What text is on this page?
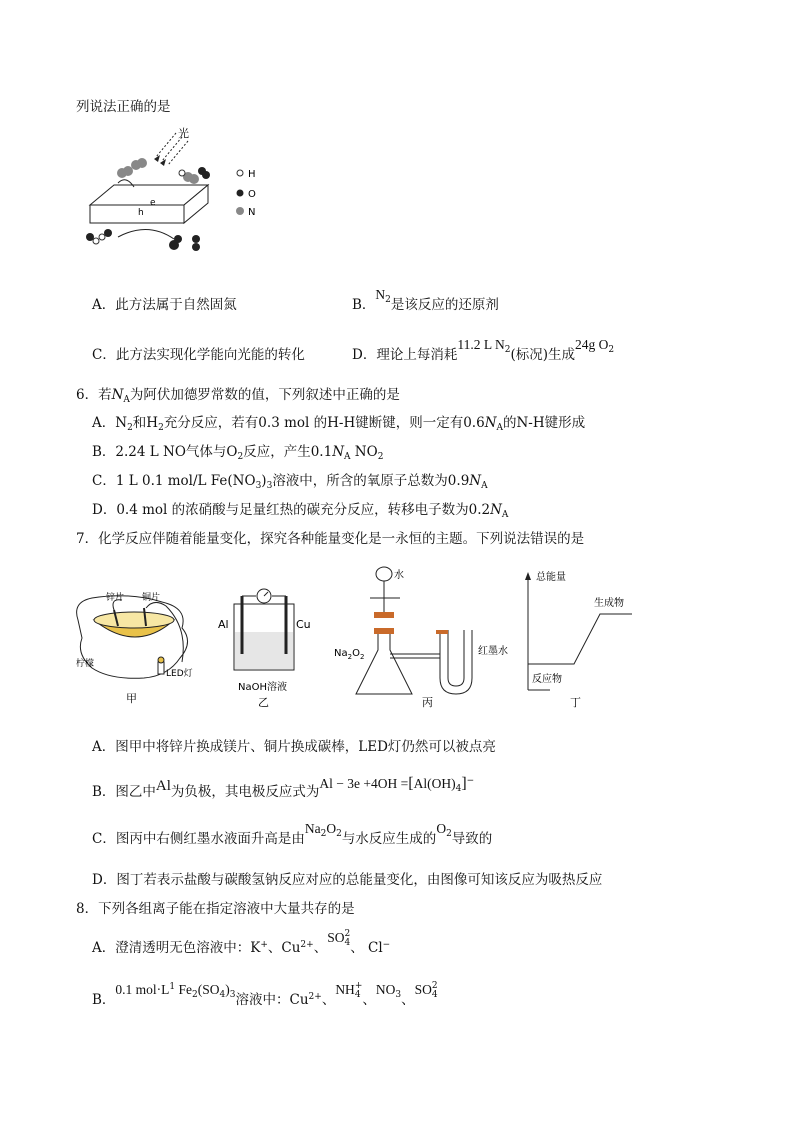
列说法正确的是
光
h
e
H
O
N
A．此方法属于自然固氮	B．$N^2$是该反应的还原剂
C．此方法实现化学能向光能的转化	D．理论上每消耗11.2 L $N^2$(标况)生成24g $O^2$
6．若$N_A$为阿伏加德罗常数的值，下列叙述中正确的是
A．$N_2$和$H_2$充分反应，若有0.3 mol 的H-H键断键，则一定有$0.6N_A$的N-H键形成
B．2.24 L NO气体与$O_2$反应，产生$0.1N_A$ $NO_2$
C．1 L 0.1 mol/L $Fe(NO_3)_3$溶液中，所含的氧原子总数为$0.9N_A$
D．0.4 mol 的浓硝酸与足量红热的碳充分反应，转移电子数为$0.2N_A$
7．化学反应伴随着能量变化，探究各种能量变化是一永恒的主题。下列说法错误的是
锌片 铜片
柠檬
LED灯
甲
Al	Cu
NaOH溶液
乙
水
$Na_2O_2$	红墨水
丙
总能量
生成物
反应物
丁
A．图甲中将锌片换成镁片、铜片换成碳棒，LED灯仍然可以被点亮
B．图乙中Al为负极，其电极反应式为Al − 3e +4OH =[Al(OH)$^4$]−
C．图丙中右侧红墨水液面升高是由$Na^2O^2$与水反应生成的$O^2$导致的
D．图丁若表示盐酸与碳酸氢钠反应对应的总能量变化，由图像可知该反应为吸热反应
8．下列各组离子能在指定溶液中大量共存的是
A．澄清透明无色溶液中：K+、$Cu^{2+}$、SO 2
4 、 Cl−
B．0.1 $mol\cdot L^1$ $Fe^2(SO^4)^3$溶液中：$Cu^{2+}$、NH +
4 、$NO^3$、SO 2
4
